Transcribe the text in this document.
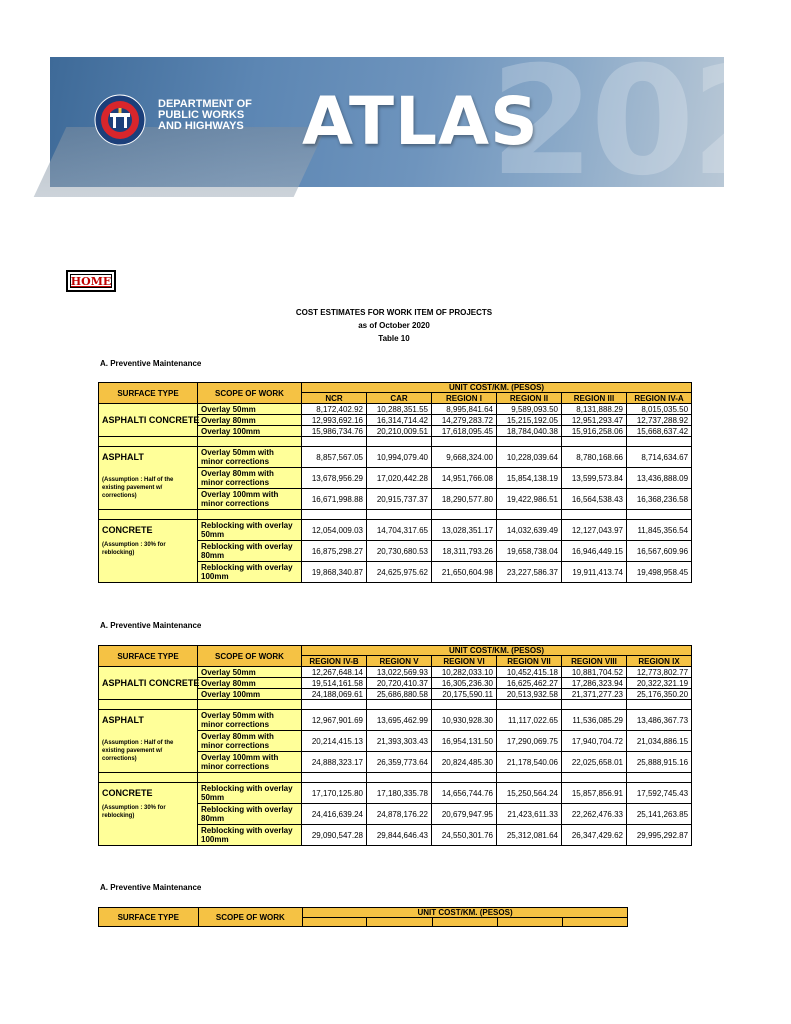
202
DEPARTMENT OF
PUBLIC WORKS
AND HIGHWAYS ATLAS
HOME
COST ESTIMATES FOR WORK ITEM OF PROJECTS
as of October 2020
Table 10
A. Preventive Maintenance
SURFACE TYPE	SCOPE OF WORK	UNIT COST/KM. (PESOS)					
		NCR	CAR	REGION I	REGION II	REGION III	REGION IV-A
ASPHALTI CONCRETE	Overlay 50mm	8,172,402.92	10,288,351.55	8,995,841.64	9,589,093.50	8,131,888.29	8,015,035.50
	Overlay 80mm	12,993,692.16	16,314,714.42	14,279,283.72	15,215,192.05	12,951,293.47	12,737,288.92
	Overlay 100mm	15,986,734.76	20,210,009.51	17,618,095.45	18,784,040.38	15,916,258.06	15,668,637.42

ASPHALT	Overlay 50mm with minor corrections	8,857,567.05	10,994,079.40	9,668,324.00	10,228,039.64	8,780,168.66	8,714,634.67

(Assumption : Half of the existing pavement w/ corrections)	Overlay 80mm with minor corrections	13,678,956.29	17,020,442.28	14,951,766.08	15,854,138.19	13,599,573.84	13,436,888.09
	Overlay 100mm with minor corrections	16,671,998.88	20,915,737.37	18,290,577.80	19,422,986.51	16,564,538.43	16,368,236.58

CONCRETE	Reblocking with overlay 50mm	12,054,009.03	14,704,317.65	13,028,351.17	14,032,639.49	12,127,043.97	11,845,356.54

(Assumption : 30% for reblocking)	Reblocking with overlay 80mm	16,875,298.27	20,730,680.53	18,311,793.26	19,658,738.04	16,946,449.15	16,567,609.96
	Reblocking with overlay 100mm	19,868,340.87	24,625,975.62	21,650,604.98	23,227,586.37	19,911,413.74	19,498,958.45
A. Preventive Maintenance
SURFACE TYPE	SCOPE OF WORK	UNIT COST/KM. (PESOS)					
		REGION IV-B	REGION V	REGION VI	REGION VII	REGION VIII	REGION IX
ASPHALTI CONCRETE	Overlay 50mm	12,267,648.14	13,022,569.93	10,282,033.10	10,452,415.18	10,881,704.52	12,773,802.77
	Overlay 80mm	19,514,161.58	20,720,410.37	16,305,236.30	16,625,462.27	17,286,323.94	20,322,321.19
	Overlay 100mm	24,188,069.61	25,686,880.58	20,175,590.11	20,513,932.58	21,371,277.23	25,176,350.20

ASPHALT	Overlay 50mm with minor corrections	12,967,901.69	13,695,462.99	10,930,928.30	11,117,022.65	11,536,085.29	13,486,367.73

(Assumption : Half of the existing pavement w/ corrections)	Overlay 80mm with minor corrections	20,214,415.13	21,393,303.43	16,954,131.50	17,290,069.75	17,940,704.72	21,034,886.15
	Overlay 100mm with minor corrections	24,888,323.17	26,359,773.64	20,824,485.30	21,178,540.06	22,025,658.01	25,888,915.16

CONCRETE	Reblocking with overlay 50mm	17,170,125.80	17,180,335.78	14,656,744.76	15,250,564.24	15,857,856.91	17,592,745.43

(Assumption : 30% for reblocking)	Reblocking with overlay 80mm	24,416,639.24	24,878,176.22	20,679,947.95	21,423,611.33	22,262,476.33	25,141,263.85
	Reblocking with overlay 100mm	29,090,547.28	29,844,646.43	24,550,301.76	25,312,081.64	26,347,429.62	29,995,292.87
A. Preventive Maintenance
SURFACE TYPE	SCOPE OF WORK	UNIT COST/KM. (PESOS)				
